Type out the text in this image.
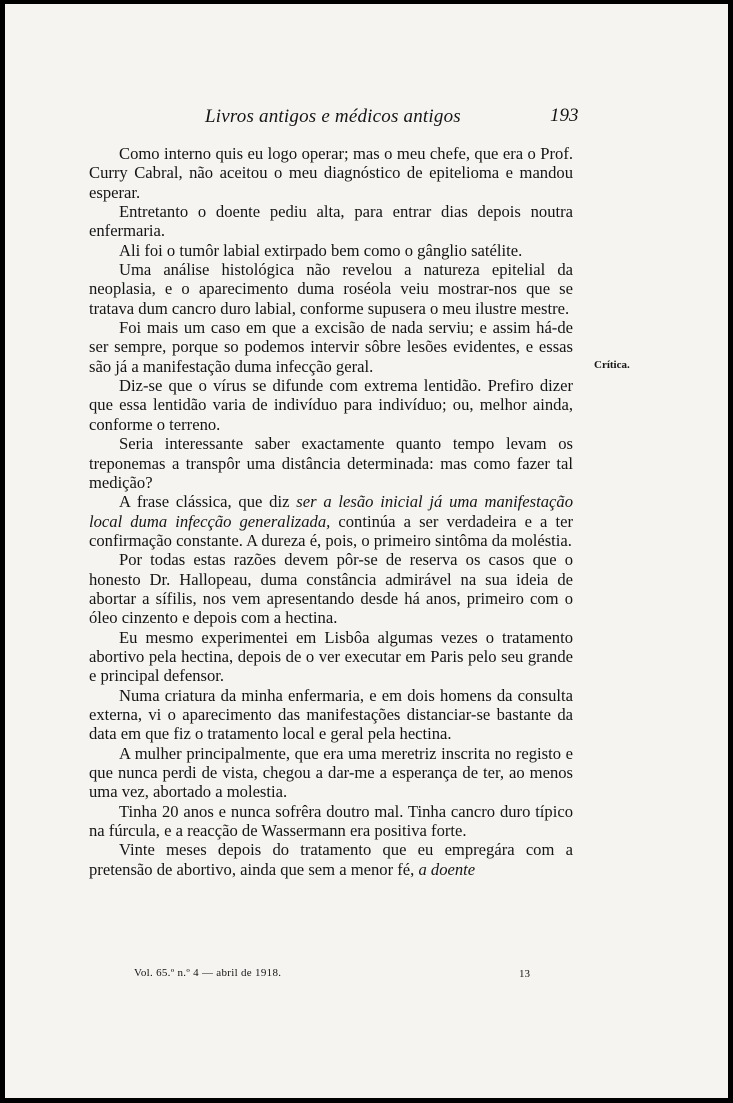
Livros antigos e médicos antigos	193

Como interno quis eu logo operar; mas o meu chefe, que era o Prof. Curry Cabral, não aceitou o meu diagnóstico de epitelioma e mandou esperar.

Entretanto o doente pediu alta, para entrar dias depois noutra enfermaria.

Ali foi o tumôr labial extirpado bem como o gânglio satélite.

Uma análise histológica não revelou a natureza epitelial da neoplasia, e o aparecimento duma roséola veiu mostrar-nos que se tratava dum cancro duro labial, conforme supusera o meu ilustre mestre.

Foi mais um caso em que a excisão de nada serviu; e assim há-de ser sempre, porque so podemos intervir sôbre lesões evidentes, e essas são já a manifestação duma infecção geral.

Diz-se que o vírus se difunde com extrema lentidão. Prefiro dizer que essa lentidão varia de indivíduo para indivíduo; ou, melhor ainda, conforme o terreno.

Seria interessante saber exactamente quanto tempo levam os treponemas a transpôr uma distância determinada: mas como fazer tal medição?

A frase clássica, que diz ser a lesão inicial já uma manifestação local duma infecção generalizada, continúa a ser verdadeira e a ter confirmação constante. A dureza é, pois, o primeiro sintôma da moléstia.

Por todas estas razões devem pôr-se de reserva os casos que o honesto Dr. Hallopeau, duma constância admirável na sua ideia de abortar a sífilis, nos vem apresentando desde há anos, primeiro com o óleo cinzento e depois com a hectina.

Eu mesmo experimentei em Lisbôa algumas vezes o tratamento abortivo pela hectina, depois de o ver executar em Paris pelo seu grande e principal defensor.

Numa criatura da minha enfermaria, e em dois homens da consulta externa, vi o aparecimento das manifestações distanciar-se bastante da data em que fiz o tratamento local e geral pela hectina.

A mulher principalmente, que era uma meretriz inscrita no registo e que nunca perdi de vista, chegou a dar-me a esperança de ter, ao menos uma vez, abortado a molestia.

Tinha 20 anos e nunca sofrêra doutro mal. Tinha cancro duro típico na fúrcula, e a reacção de Wassermann era positiva forte.

Vinte meses depois do tratamento que eu empregára com a pretensão de abortivo, ainda que sem a menor fé, a doente

Crítica.
Vol. 65.º n.º 4 — abril de 1918.	13
